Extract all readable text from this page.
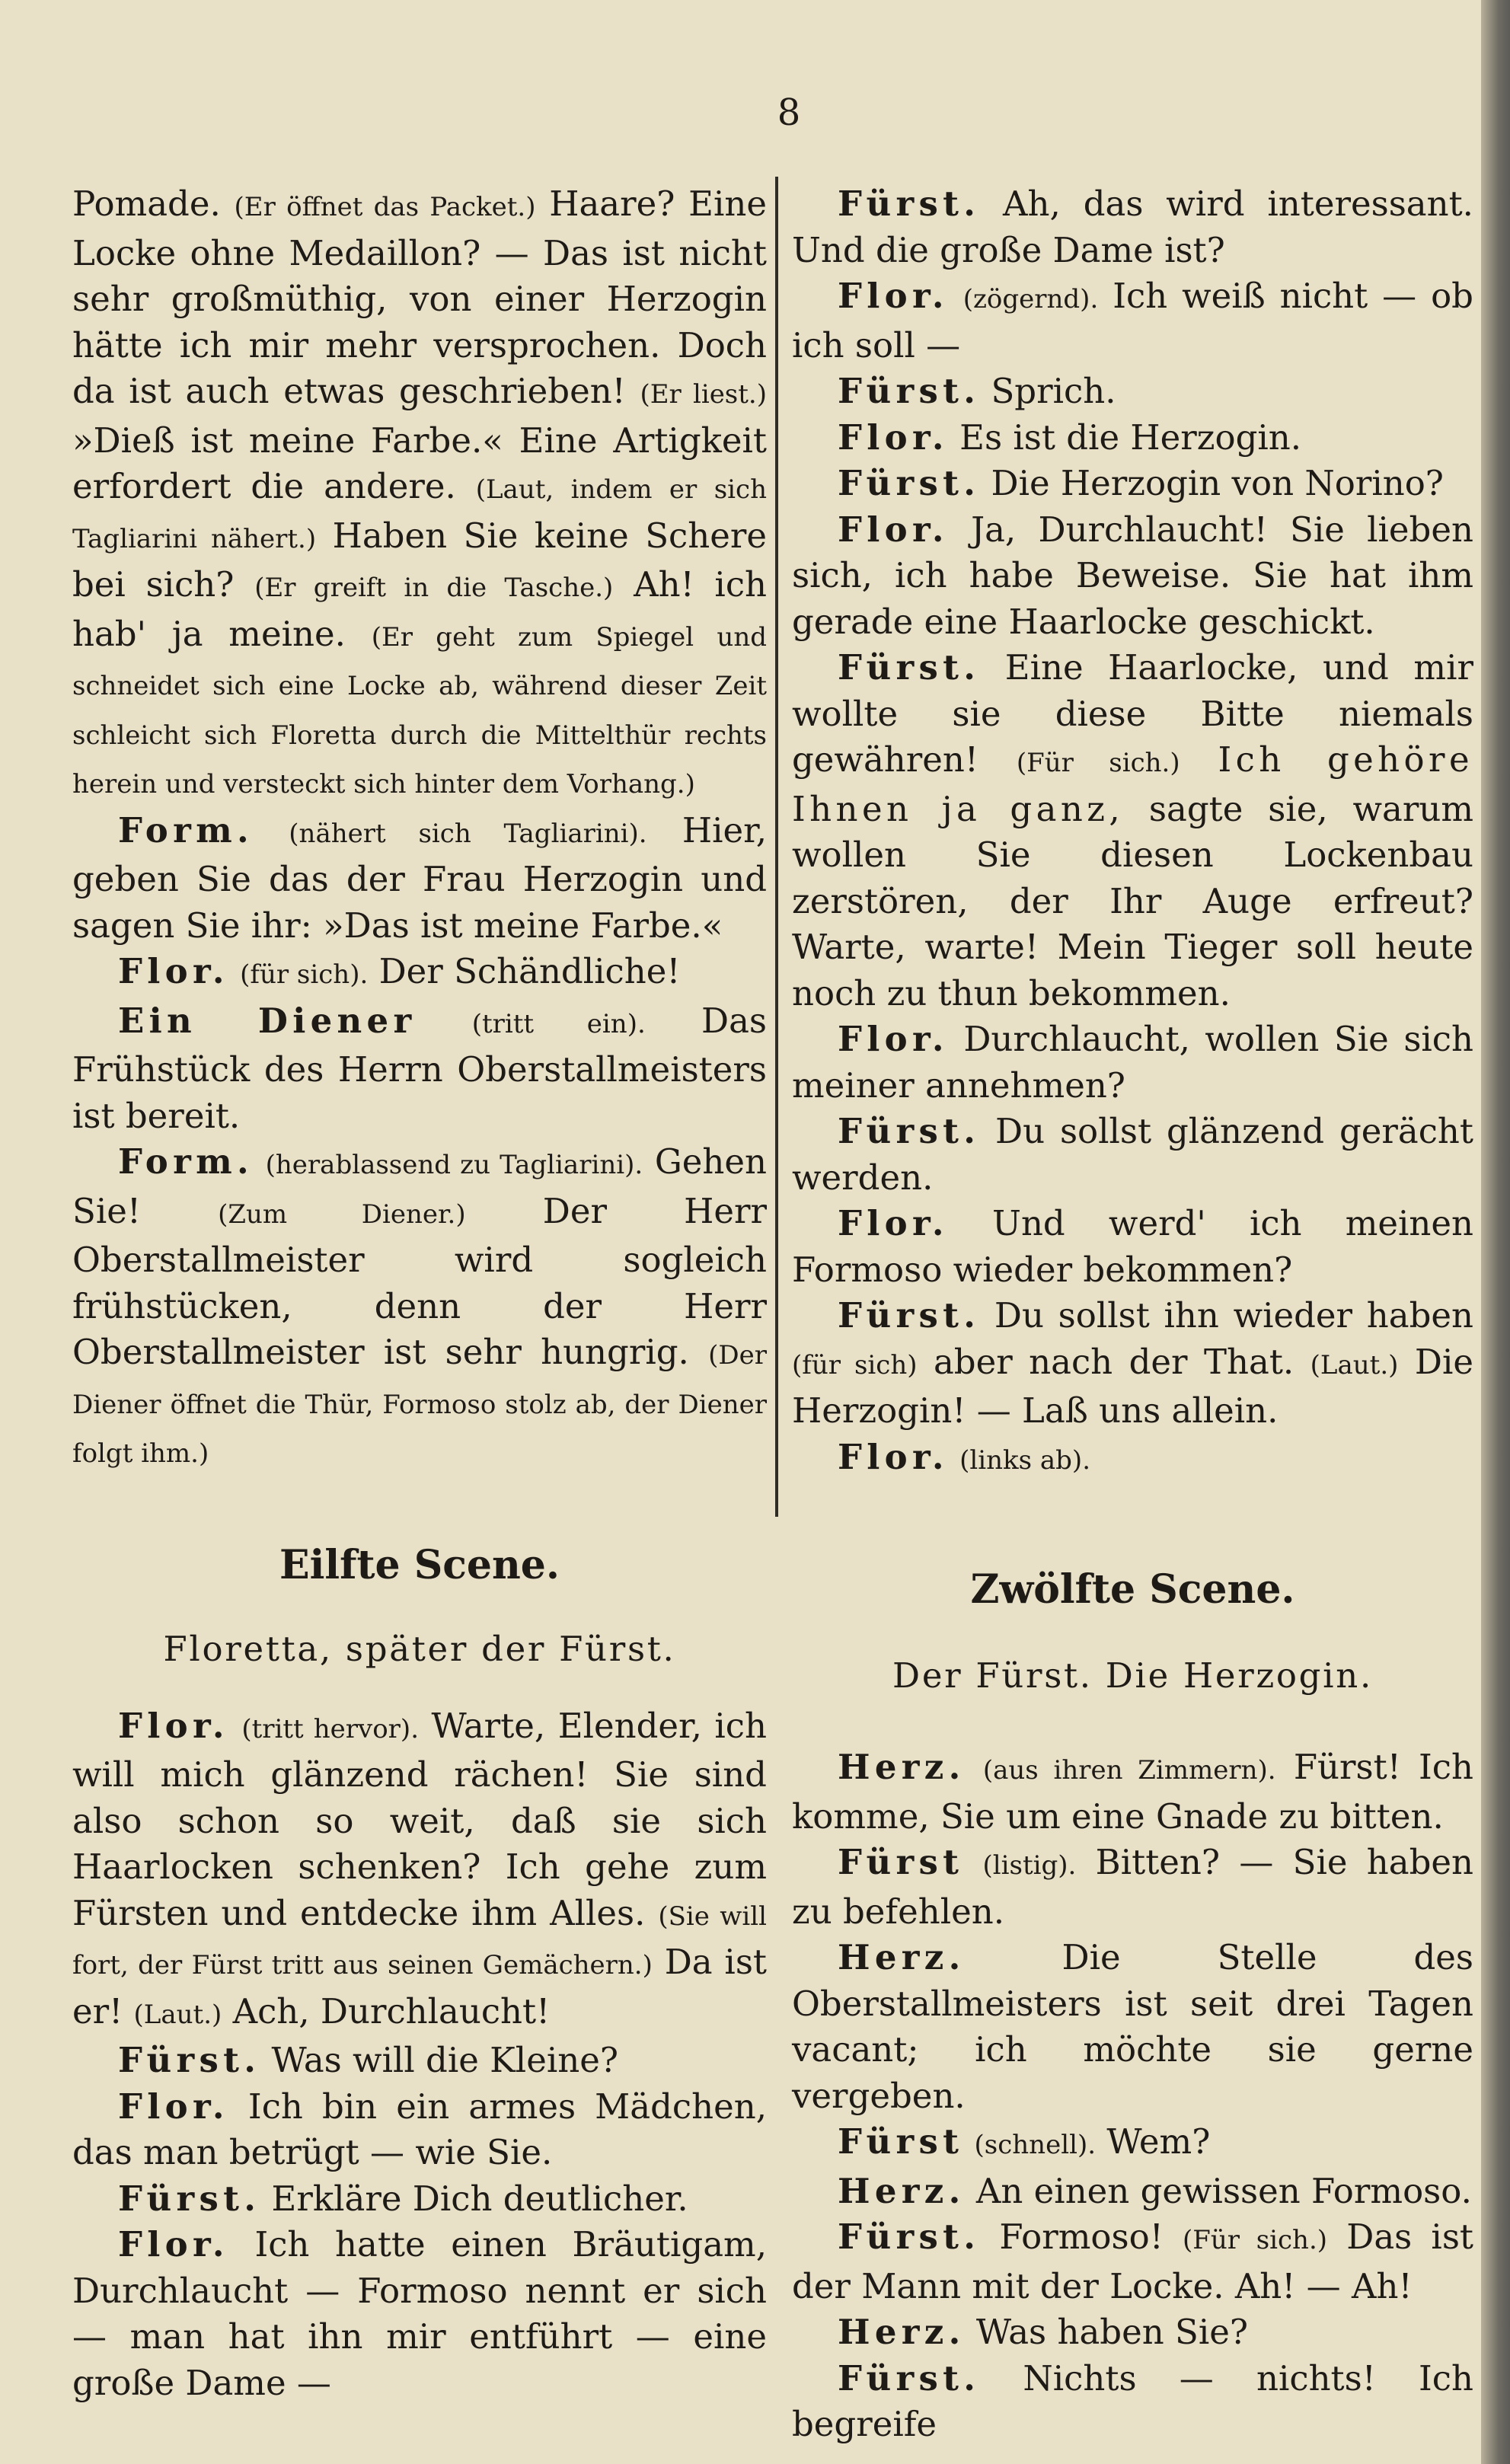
8

Pomade. (Er öffnet das Packet.) Haare? Eine Locke ohne Medaillon? — Das ist nicht sehr großmüthig, von einer Herzogin hätte ich mir mehr versprochen. Doch da ist auch etwas geschrieben! (Er liest.) »Dieß ist meine Farbe.« Eine Artigkeit erfordert die andere. (Laut, indem er sich Tagliarini nähert.) Haben Sie keine Schere bei sich? (Er greift in die Tasche.) Ah! ich hab' ja meine. (Er geht zum Spiegel und schneidet sich eine Locke ab, während dieser Zeit schleicht sich Floretta durch die Mittelthür rechts herein und versteckt sich hinter dem Vorhang.)

Form. (nähert sich Tagliarini). Hier, geben Sie das der Frau Herzogin und sagen Sie ihr: »Das ist meine Farbe.«

Flor. (für sich). Der Schändliche!

Ein Diener (tritt ein). Das Frühstück des Herrn Oberstallmeisters ist bereit.

Form. (herablassend zu Tagliarini). Gehen Sie!	(Zum Diener.) Der Herr Oberstallmeister wird sogleich frühstücken, denn der Herr Oberstallmeister ist sehr hungrig. (Der Diener öffnet die Thür, Formoso stolz ab, der Diener folgt ihm.)

Eilfte Scene.

Floretta, später der Fürst.

Flor. (tritt hervor). Warte, Elender, ich will mich glänzend rächen! Sie sind also schon so weit, daß sie sich Haarlocken schenken? Ich gehe zum Fürsten und entdecke ihm Alles. (Sie will fort, der Fürst tritt aus seinen Gemächern.) Da ist er! (Laut.) Ach, Durchlaucht!

Fürst. Was will die Kleine?

Flor. Ich bin ein armes Mädchen, das man betrügt — wie Sie.

Fürst. Erkläre Dich deutlicher.

Flor. Ich hatte einen Bräutigam, Durchlaucht — Formoso nennt er sich — man hat ihn mir entführt — eine große Dame —

Fürst. Ah, das wird interessant. Und die große Dame ist?

Flor. (zögernd). Ich weiß nicht — ob ich soll —

Fürst. Sprich.

Flor. Es ist die Herzogin.

Fürst. Die Herzogin von Norino?

Flor. Ja, Durchlaucht! Sie lieben sich, ich habe Beweise. Sie hat ihm gerade eine Haarlocke geschickt.

Fürst. Eine Haarlocke, und mir wollte sie diese Bitte niemals gewähren! (Für sich.) Ich gehöre Ihnen ja ganz, sagte sie, warum wollen Sie diesen Lockenbau zerstören, der Ihr Auge erfreut? Warte, warte! Mein Tieger soll heute noch zu thun bekommen.

Flor. Durchlaucht, wollen Sie sich meiner annehmen?

Fürst. Du sollst glänzend gerächt werden.

Flor. Und werd' ich meinen Formoso wieder bekommen?

Fürst. Du sollst ihn wieder haben (für sich) aber nach der That. (Laut.) Die Herzogin! — Laß uns allein.

Flor. (links ab).

Zwölfte Scene.

Der Fürst. Die Herzogin.

Herz. (aus ihren Zimmern). Fürst! Ich komme, Sie um eine Gnade zu bitten.

Fürst (listig). Bitten? — Sie haben zu befehlen.

Herz.	Die Stelle des Oberstallmeisters ist seit drei Tagen vacant; ich möchte sie gerne vergeben.

Fürst (schnell). Wem?

Herz. An einen gewissen Formoso.

Fürst. Formoso! (Für sich.) Das ist der Mann mit der Locke. Ah! — Ah!

Herz. Was haben Sie?

Fürst. Nichts — nichts! Ich begreife
